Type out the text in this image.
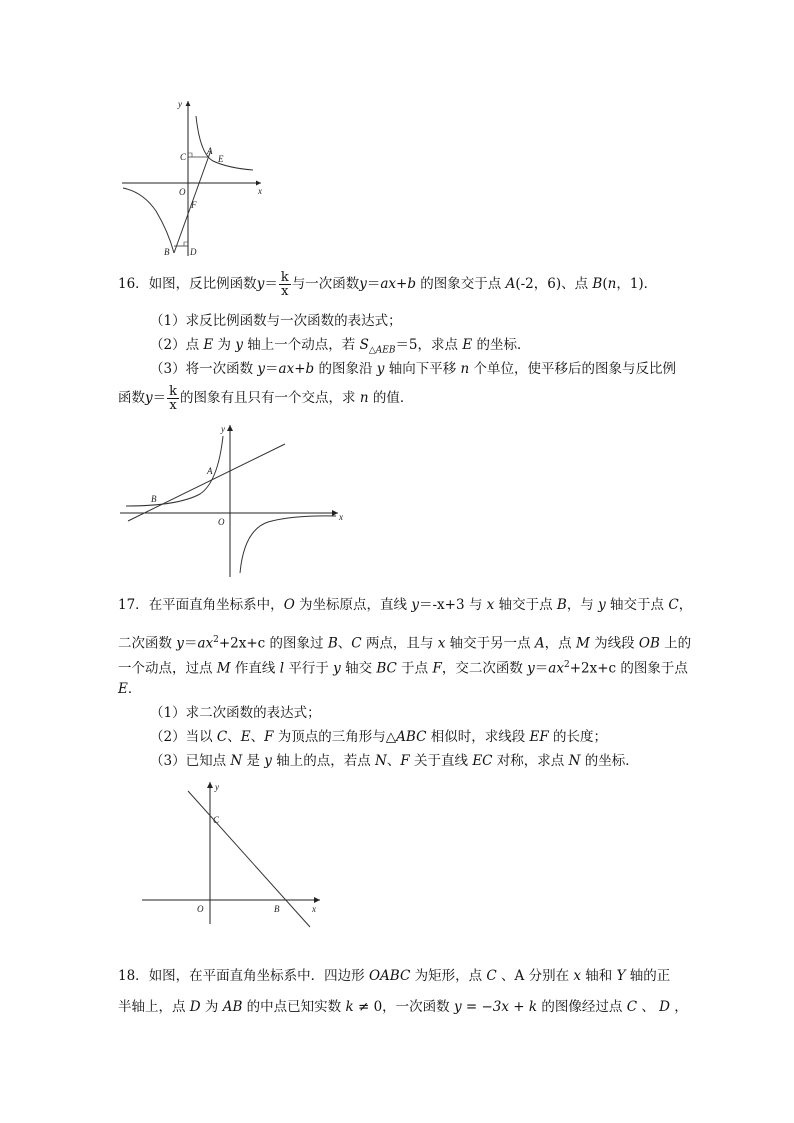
y
x
O
C
A
E
F
B D
16．如图，反比例函数$y= \frac{k}{x}$ 与一次函数y＝ax+b 的图象交于点 A(-2，6)、点 B(n，1)．
（1）求反比例函数与一次函数的表达式；
（2）点 E 为 y 轴上一个动点，若 $S_{\triangle AEB}=5$，求点 E 的坐标．
（3）将一次函数 y＝ax+b 的图象沿 y 轴向下平移 n 个单位，使平移后的图象与反比例
函数$y= \frac{k}{x}$ 的图象有且只有一个交点，求 n 的值．
y
x
O
A
B
17．在平面直角坐标系中，O 为坐标原点，直线 y＝-x+3 与 x 轴交于点 B，与 y 轴交于点 C，
二次函数 $y=ax^2+2x+c$ 的图象过 B、C 两点，且与 x 轴交于另一点 A，点 M 为线段 OB 上的
一个动点，过点 M 作直线 l 平行于 y 轴交 BC 于点 F，交二次函数 $y=ax^2+2x+c$ 的图象于点
E．
（1）求二次函数的表达式；
（2）当以 C、E、F 为顶点的三角形与△ABC 相似时，求线段 EF 的长度；
（3）已知点 N 是 y 轴上的点，若点 N、F 关于直线 EC 对称，求点 N 的坐标．
y
x
O
C
B
18．如图，在平面直角坐标系中．四边形 OABC 为矩形，点 C 、A 分别在 x 轴和 Y 轴的正
半轴上，点 D 为 AB 的中点已知实数 k ≠ 0，一次函数 y = −3x + k 的图像经过点 C 、 D ，
